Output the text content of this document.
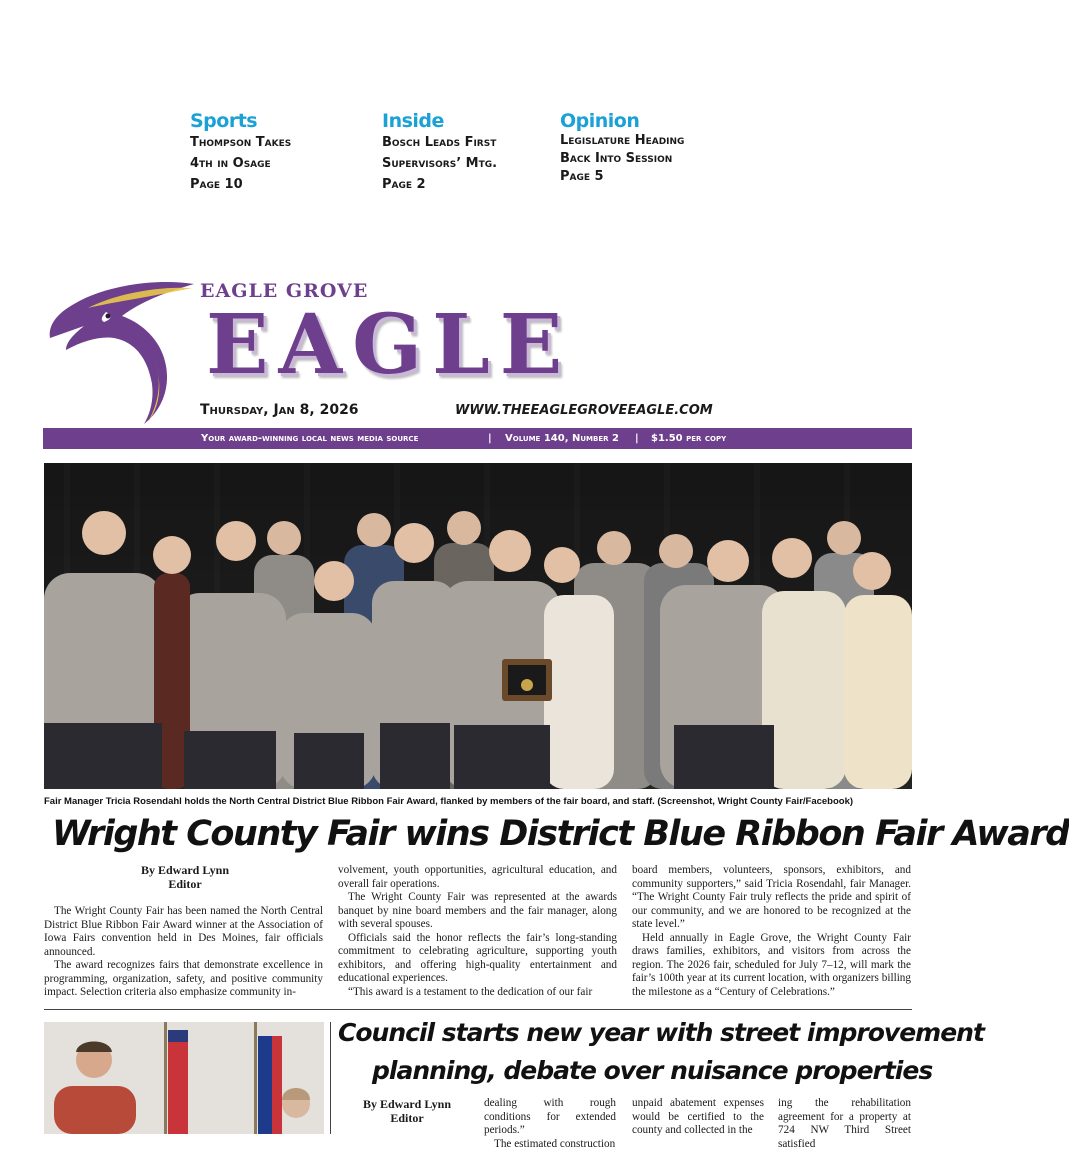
Sports
Thompson Takes
4th in Osage
Page 10
Inside
Bosch Leads First
Supervisors’ Mtg.
Page 2
Opinion
Legislature Heading
Back Into Session
Page 5
EAGLE GROVE
EAGLE
Thursday, Jan 8, 2026	WWW.THEEAGLEGROVEEAGLE.COM
Your award-winning local news media source	| Volume 140, Number 2 | $1.50 per copy
Fair Manager Tricia Rosendahl holds the North Central District Blue Ribbon Fair Award, flanked by members of the fair board, and staff. (Screenshot, Wright County Fair/Facebook)
Wright County Fair wins District Blue Ribbon Fair Award
By Edward Lynn
Editor

The Wright County Fair has been named the North Central District Blue Ribbon Fair Award winner at the Association of Iowa Fairs convention held in Des Moines, fair officials announced.

The award recognizes fairs that demonstrate excellence in programming, organization, safety, and positive community impact. Selection criteria also emphasize community in-

volvement, youth opportunities, agricultural education, and overall fair operations.

The Wright County Fair was represented at the awards banquet by nine board members and the fair manager, along with several spouses.

Officials said the honor reflects the fair’s long-standing commitment to celebrating agriculture, supporting youth exhibitors, and offering high-quality entertainment and educational experiences.

“This award is a testament to the dedication of our fair

board members, volunteers, sponsors, exhibitors, and community supporters,” said Tricia Rosendahl, fair Manager. “The Wright County Fair truly reflects the pride and spirit of our community, and we are honored to be recognized at the state level.”

Held annually in Eagle Grove, the Wright County Fair draws families, exhibitors, and visitors from across the region. The 2026 fair, scheduled for July 7–12, will mark the fair’s 100th year at its current location, with organizers billing the milestone as a “Century of Celebrations.”

Council starts new year with street improvement
planning, debate over nuisance properties
By Edward Lynn
Editor

dealing with rough conditions for extended periods.”

The estimated construction

unpaid abatement expenses would be certified to the county and collected in the

ing the rehabilitation agreement for a property at 724 NW Third Street satisfied
